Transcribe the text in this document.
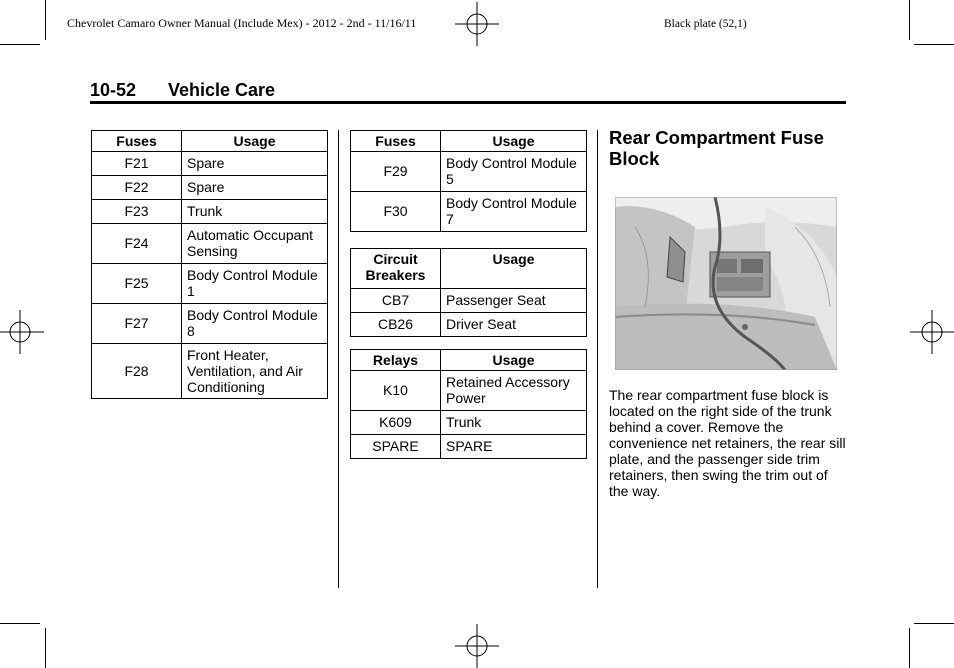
Chevrolet Camaro Owner Manual (Include Mex) - 2012 - 2nd - 11/16/11	Black plate (52,1)
10-52 Vehicle Care
Fuses	Usage
F21	Spare
F22	Spare
F23	Trunk
F24	Automatic Occupant Sensing
F25	Body Control Module 1
F27	Body Control Module 8
F28	Front Heater, Ventilation, and Air Conditioning
Fuses	Usage
F29	Body Control Module 5
F30	Body Control Module 7
Circuit Breakers	Usage
CB7	Passenger Seat
CB26	Driver Seat
Relays	Usage
K10	Retained Accessory Power
K609	Trunk
SPARE	SPARE
Rear Compartment Fuse Block
The rear compartment fuse block is located on the right side of the trunk behind a cover. Remove the convenience net retainers, the rear sill plate, and the passenger side trim retainers, then swing the trim out of the way.
